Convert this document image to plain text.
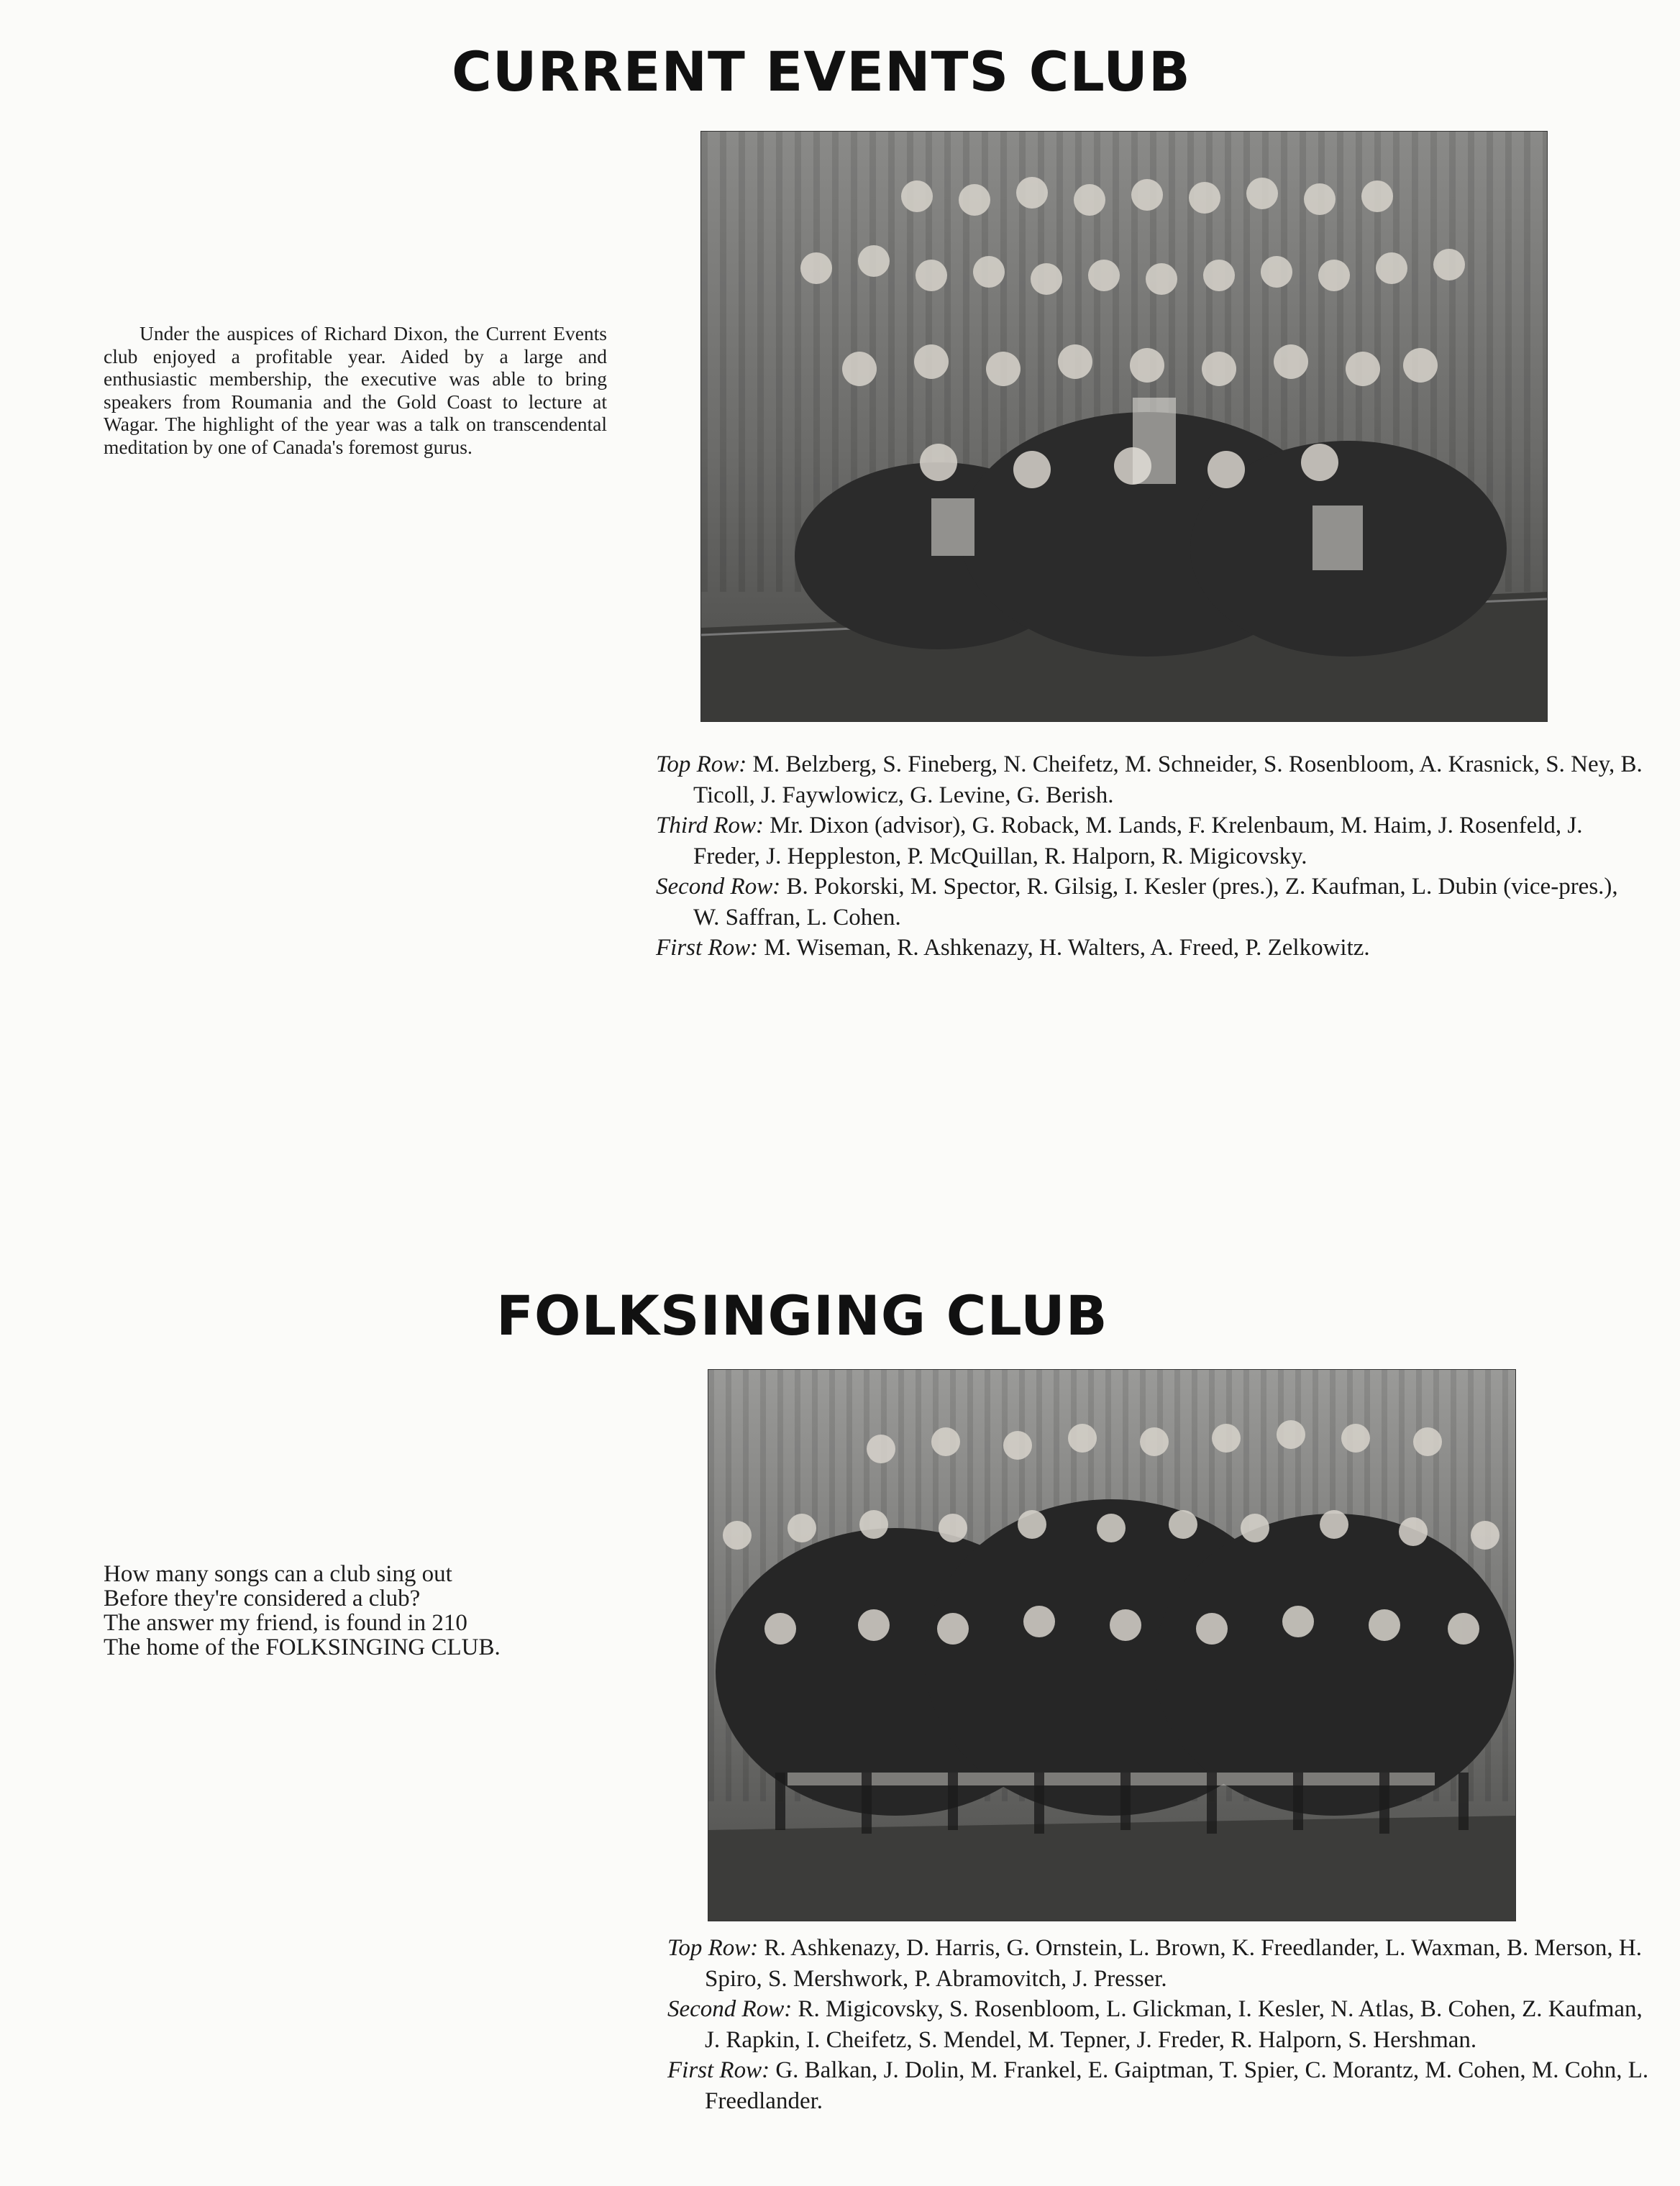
CURRENT EVENTS CLUB
Under the auspices of Richard Dixon, the Current Events club enjoyed a profitable year. Aided by a large and enthusiastic membership, the executive was able to bring speakers from Roumania and the Gold Coast to lecture at Wagar. The highlight of the year was a talk on transcendental meditation by one of Canada's foremost gurus.
Top Row: M. Belzberg, S. Fineberg, N. Cheifetz, M. Schneider, S. Rosenbloom, A. Krasnick, S. Ney, B. Ticoll, J. Faywlowicz, G. Levine, G. Berish.
Third Row: Mr. Dixon (advisor), G. Roback, M. Lands, F. Krelenbaum, M. Haim, J. Rosenfeld, J. Freder, J. Heppleston, P. McQuillan, R. Halporn, R. Migicovsky.
Second Row: B. Pokorski, M. Spector, R. Gilsig, I. Kesler (pres.), Z. Kaufman, L. Dubin (vice-pres.), W. Saffran, L. Cohen.
First Row: M. Wiseman, R. Ashkenazy, H. Walters, A. Freed, P. Zelkowitz.
FOLKSINGING CLUB
How many songs can a club sing out
Before they're considered a club?
The answer my friend, is found in 210
The home of the FOLKSINGING CLUB.
Top Row: R. Ashkenazy, D. Harris, G. Ornstein, L. Brown, K. Freedlander, L. Waxman, B. Merson, H. Spiro, S. Mershwork, P. Abramovitch, J. Presser.
Second Row: R. Migicovsky, S. Rosenbloom, L. Glickman, I. Kesler, N. Atlas, B. Cohen, Z. Kaufman, J. Rapkin, I. Cheifetz, S. Mendel, M. Tepner, J. Freder, R. Halporn, S. Hershman.
First Row: G. Balkan, J. Dolin, M. Frankel, E. Gaiptman, T. Spier, C. Morantz, M. Cohen, M. Cohn, L. Freedlander.
